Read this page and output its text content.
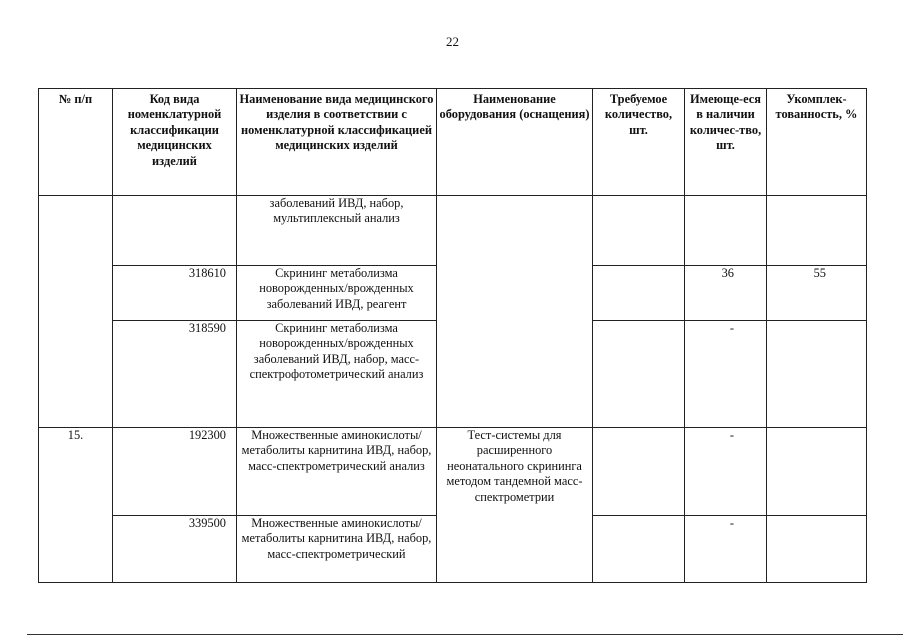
22
№ п/п	Код вида номенклатурной классификации медицинских изделий	Наименование вида медицинского изделия в соответствии с номенклатурной классификацией медицинских изделий	Наименование оборудования (оснащения)	Требуемое количество, шт.	Имеюще-еся в наличии количес-тво, шт.	Укомплек-тованность, %
		заболеваний ИВД, набор, мультиплексный анализ				
	318610	Скрининг метаболизма новорожденных/врожденных заболеваний ИВД, реагент			36	55
	318590	Скрининг метаболизма новорожденных/врожденных заболеваний ИВД, набор, масс-спектрофотометрический анализ			-	
15.	192300	Множественные аминокислоты/метаболиты карнитина ИВД, набор, масс-спектрометрический анализ	Тест-системы для расширенного неонатального скрининга методом тандемной масс-спектрометрии		-	
	339500	Множественные аминокислоты/метаболиты карнитина ИВД, набор, масс-спектрометрический			-	
